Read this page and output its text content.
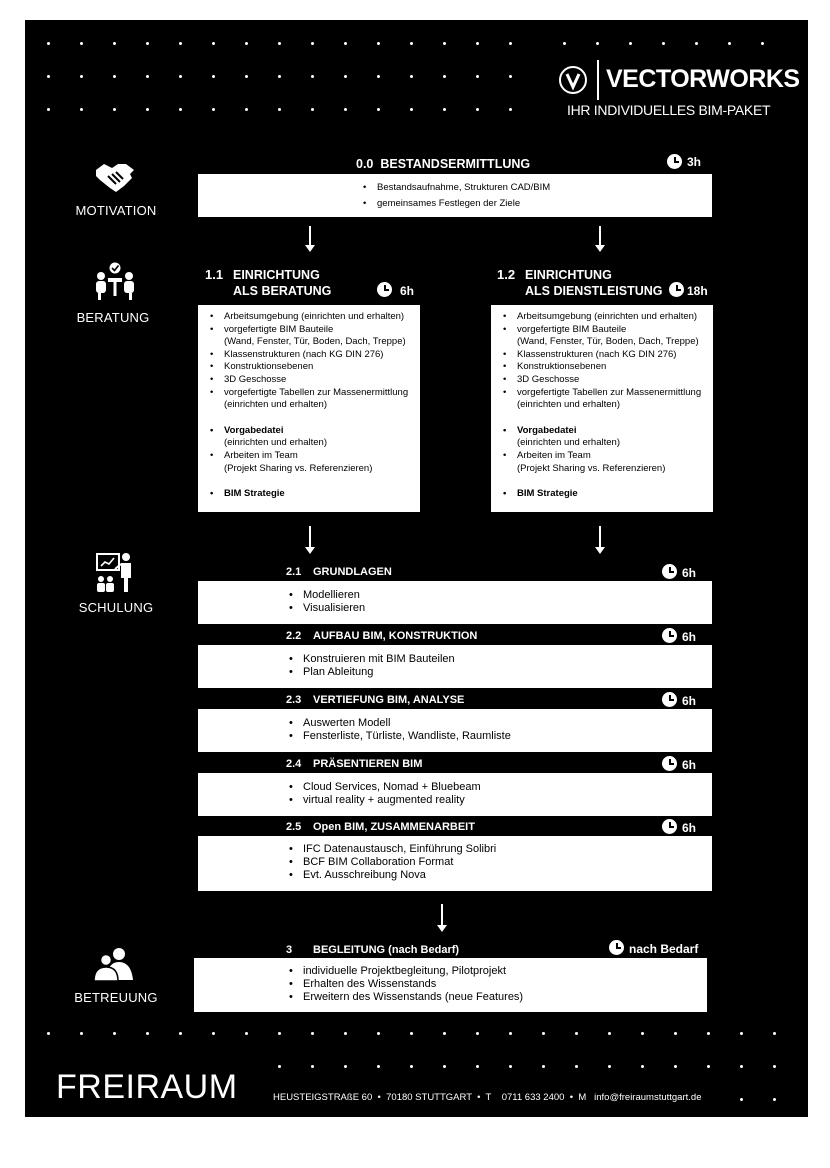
VECTORWORKS
IHR INDIVIDUELLES BIM-PAKET
MOTIVATION
0.0 BESTANDSERMITTLUNG	3h
• Bestandsaufnahme, Strukturen CAD/BIM
• gemeinsames Festlegen der Ziele
BERATUNG
1.1 EINRICHTUNG
ALS BERATUNG	6h
• Arbeitsumgebung (einrichten und erhalten)
• vorgefertigte BIM Bauteile
(Wand, Fenster, Tür, Boden, Dach, Treppe)
• Klassenstrukturen (nach KG DIN 276)
• Konstruktionsebenen
• 3D Geschosse
• vorgefertigte Tabellen zur Massenermittlung
(einrichten und erhalten)
• Vorgabedatei
(einrichten und erhalten)
• Arbeiten im Team
(Projekt Sharing vs. Referenzieren)
• BIM Strategie
1.2 EINRICHTUNG
ALS DIENSTLEISTUNG 18h
• Arbeitsumgebung (einrichten und erhalten)
• vorgefertigte BIM Bauteile
(Wand, Fenster, Tür, Boden, Dach, Treppe)
• Klassenstrukturen (nach KG DIN 276)
• Konstruktionsebenen
• 3D Geschosse
• vorgefertigte Tabellen zur Massenermittlung
(einrichten und erhalten)
• Vorgabedatei
(einrichten und erhalten)
• Arbeiten im Team
(Projekt Sharing vs. Referenzieren)
• BIM Strategie
SCHULUNG
2.1 GRUNDLAGEN	6h
• Modellieren
• Visualisieren
2.2 AUFBAU BIM, KONSTRUKTION	6h
• Konstruieren mit BIM Bauteilen
• Plan Ableitung
2.3 VERTIEFUNG BIM, ANALYSE	6h
• Auswerten Modell
• Fensterliste, Türliste, Wandliste, Raumliste
2.4 PRÄSENTIEREN BIM	6h
• Cloud Services, Nomad + Bluebeam
• virtual reality + augmented reality
2.5 Open BIM, ZUSAMMENARBEIT	6h
• IFC Datenaustausch, Einführung Solibri
• BCF BIM Collaboration Format
• Evt. Ausschreibung Nova
BETREUUNG
3 BEGLEITUNG (nach Bedarf)	nach Bedarf
• individuelle Projektbegleitung, Pilotprojekt
• Erhalten des Wissenstands
• Erweitern des Wissenstands (neue Features)
FREIRAUM	HEUSTEIGSTRAßE 60  •  70180 STUTTGART  •  T    0711 633 2400  •  M   info@freiraumstuttgart.de
